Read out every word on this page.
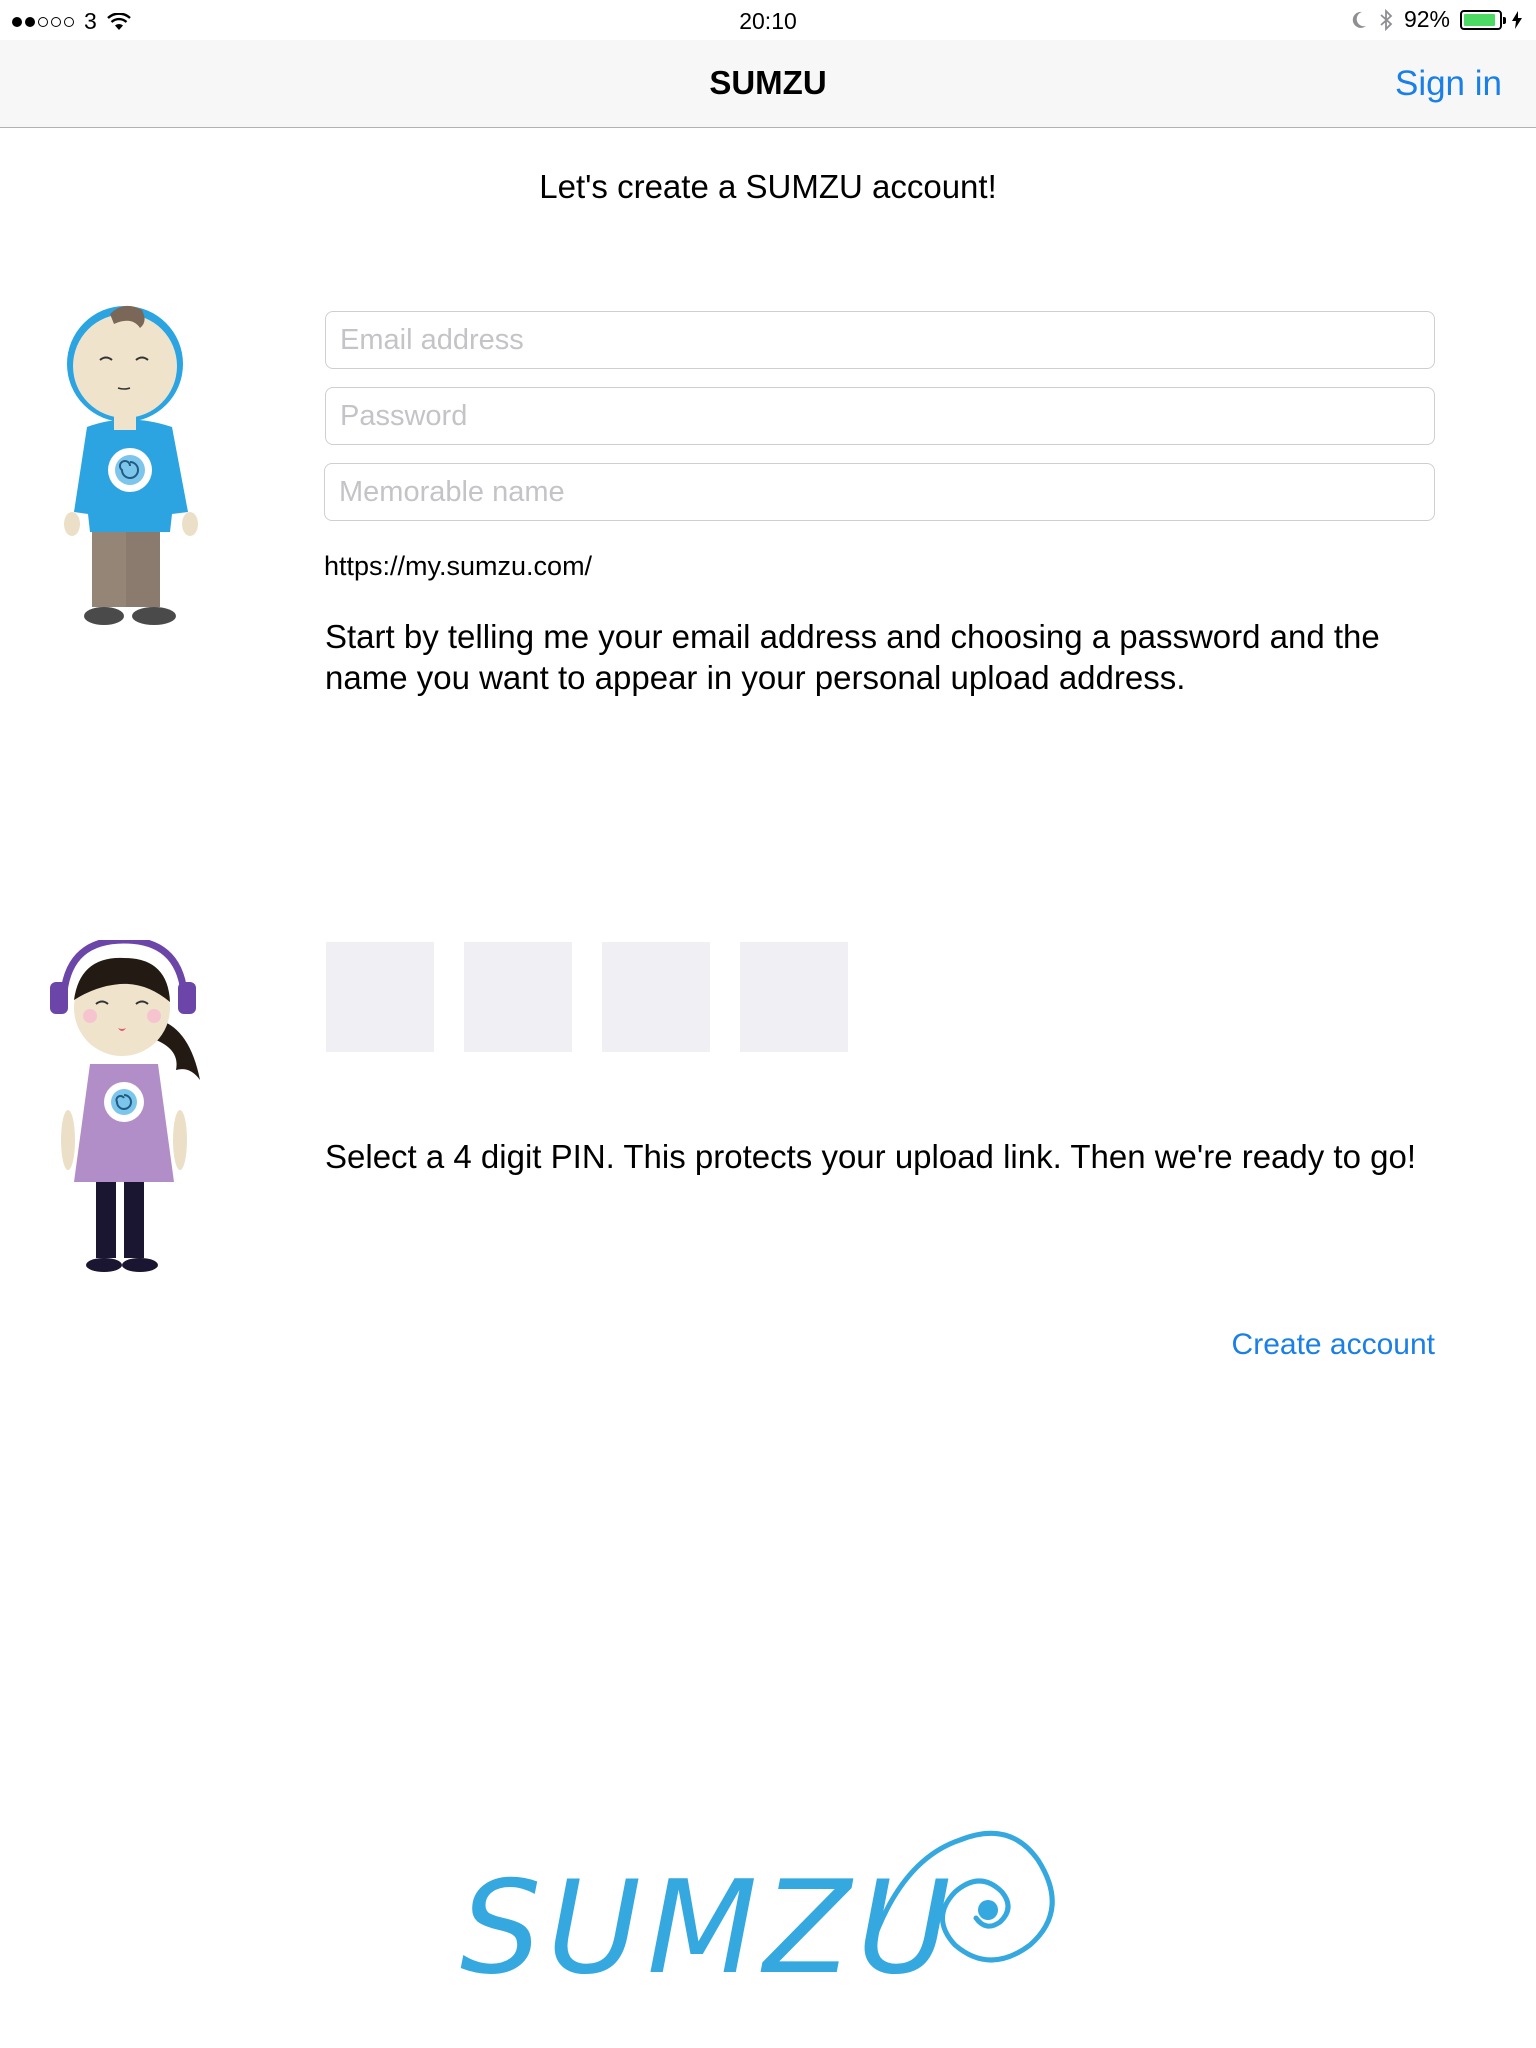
3	20:10	92%
SUMZU	Sign in
Let's create a SUMZU account!
Email address
Memorable name
https://my.sumzu.com/
Start by telling me your email address and choosing a password and the name you want to appear in your personal upload address.
Select a 4 digit PIN. This protects your upload link. Then we're ready to go!
Create account
SUMZU
